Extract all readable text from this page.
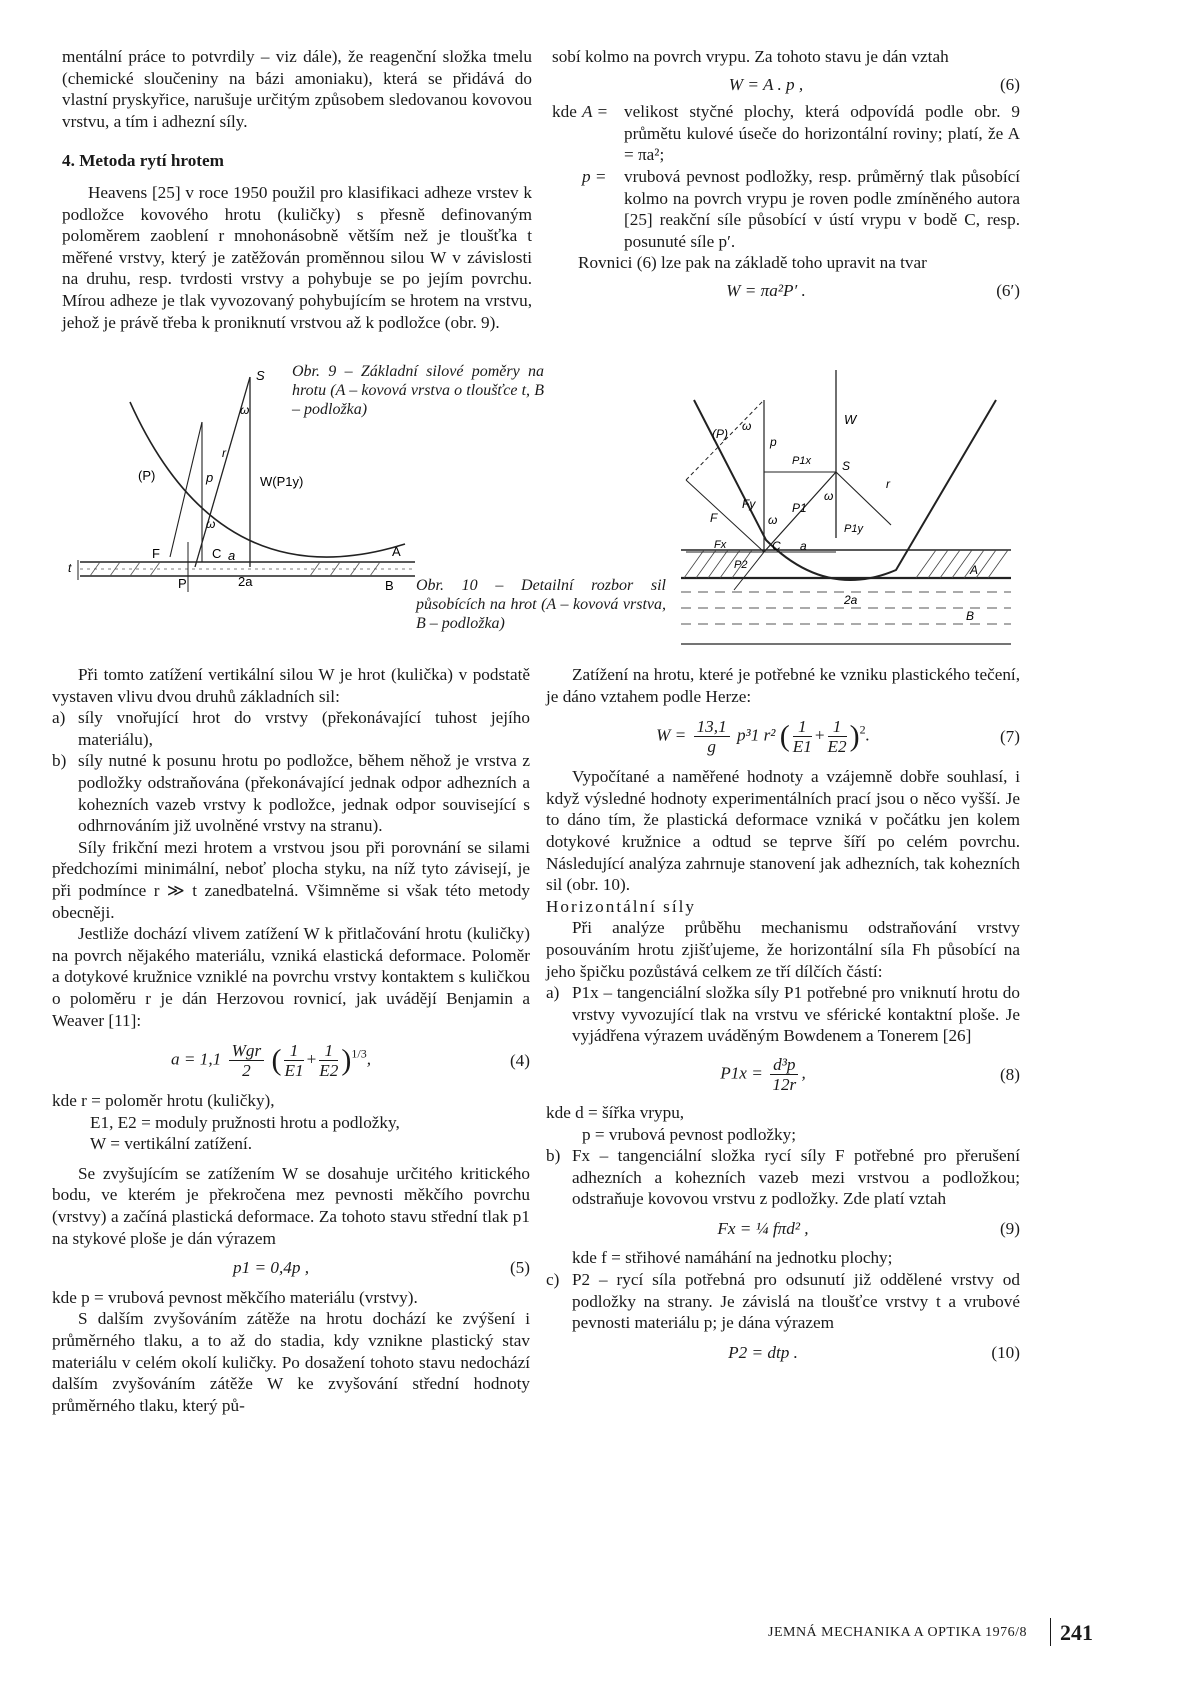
mentální práce to potvrdily – viz dále), že reagenční složka tmelu (chemické sloučeniny na bázi amoniaku), která se přidává do vlastní pryskyřice, narušuje určitým způsobem sledovanou kovovou vrstvu, a tím i adhezní síly.

4. Metoda rytí hrotem

Heavens [25] v roce 1950 použil pro klasifikaci adheze vrstev k podložce kovového hrotu (kuličky) s přesně definovaným poloměrem zaoblení r mnohonásobně větším než je tloušťka t měřené vrstvy, který je zatěžován proměnnou silou W v závislosti na druhu, resp. tvrdosti vrstvy a pohybuje se po jejím povrchu. Mírou adheze je tlak vyvozovaný pohybujícím se hrotem na vrstvu, jehož je právě třeba k proniknutí vrstvou až k podložce (obr. 9).

sobí kolmo na povrch vrypu. Za tohoto stavu je dán vztah

W = A . p ,	(6)
kde A = velikost styčné plochy, která odpovídá podle obr. 9 průmětu kulové úseče do horizontální roviny; platí, že A = πa²;
p =	vrubová pevnost podložky, resp. průměrný tlak působící kolmo na povrch vrypu je roven podle zmíněného autora [25] reakční síle působící v ústí vrypu v bodě C, resp. posunuté síle p′.

Rovnici (6) lze pak na základě toho upravit na tvar

W = πa²P′ .	(6′)
S
ω
r
(P)	p	W(P1y)
ω
F	C a	A
P	2a	B
t
Obr. 9 – Základní silové poměry na hrotu (A – kovová vrstva o tloušťce t, B – podložka)
W
(P)
ω
p
P1x	S
r
Fy	P1
ω
P1y
F	ω
Fx	C a
P2	A
2a
B
Obr. 10 – Detailní rozbor sil působících na hrot (A – kovová vrstva, B – podložka)

Při tomto zatížení vertikální silou W je hrot (kulička) v podstatě vystaven vlivu dvou druhů základních sil:

a) síly vnořující hrot do vrstvy (překonávající tuhost jejího materiálu),
b) síly nutné k posunu hrotu po podložce, během něhož je vrstva z podložky odstraňována (překonávající jednak odpor adhezních a kohezních vazeb vrstvy k podložce, jednak odpor související s odhrnováním již uvolněné vrstvy na stranu).

Síly frikční mezi hrotem a vrstvou jsou při porovnání se silami předchozími minimální, neboť plocha styku, na níž tyto závisejí, je při podmínce r ≫ t zanedbatelná. Všimněme si však této metody obecněji.

Jestliže dochází vlivem zatížení W k přitlačování hrotu (kuličky) na povrch nějakého materiálu, vzniká elastická deformace. Poloměr a dotykové kružnice vzniklé na povrchu vrstvy kontaktem s kuličkou o poloměru r je dán Herzovou rovnicí, jak uvádějí Benjamin a Weaver [11]:

$a = 1,1 \frac{\text{Wgr}}{2}$ ( $\frac{1}{E1} + \frac{1}{E2} )^{1/3}$,	(4)

kde r = poloměr hrotu (kuličky),

E1, E2 = moduly pružnosti hrotu a podložky,

W = vertikální zatížení.

Se zvyšujícím se zatížením W se dosahuje určitého kritického bodu, ve kterém je překročena mez pevnosti měkčího povrchu (vrstvy) a začíná plastická deformace. Za tohoto stavu střední tlak p1 na stykové ploše je dán výrazem

p1 = 0,4p ,	(5)

kde p = vrubová pevnost měkčího materiálu (vrstvy).

S dalším zvyšováním zátěže na hrotu dochází ke zvýšení i průměrného tlaku, a to až do stadia, kdy vznikne plastický stav materiálu v celém okolí kuličky. Po dosažení tohoto stavu nedochází dalším zvyšováním zátěže W ke zvyšování střední hodnoty průměrného tlaku, který pů-

Zatížení na hrotu, které je potřebné ke vzniku plastického tečení, je dáno vztahem podle Herze:

$W = \frac{13,1}{g} p^31$ r² ( $\frac{1}{E1} + \frac{1}{E2} )^2$.	(7)

Vypočítané a naměřené hodnoty a vzájemně dobře souhlasí, i když výsledné hodnoty experimentálních prací jsou o něco vyšší. Je to dáno tím, že plastická deformace vzniká v počátku jen kolem dotykové kružnice a odtud se teprve šíří po celém povrchu. Následující analýza zahrnuje stanovení jak adhezních, tak kohezních sil (obr. 10).

Horizontální síly

Při analýze průběhu mechanismu odstraňování vrstvy posouváním hrotu zjišťujeme, že horizontální síla Fh působící na jeho špičku pozůstává celkem ze tří dílčích částí:

a) P1x – tangenciální složka síly P1 potřebné pro vniknutí hrotu do vrstvy vyvozující tlak na vrstvu ve sférické kontaktní ploše. Je vyjádřena výrazem uváděným Bowdenem a Tonerem [26]
$P1x = \frac{\text{d³p}}{12r}$ ,	(8)

kde d = šířka vrypu,

p = vrubová pevnost podložky;

b) Fx – tangenciální složka rycí síly F potřebné pro přerušení adhezních a kohezních vazeb mezi vrstvou a podložkou; odstraňuje kovovou vrstvu z podložky. Zde platí vztah
Fx = ¼ fπd² ,	(9)

kde f = střihové namáhání na jednotku plochy;

c) P2 – rycí síla potřebná pro odsunutí již oddělené vrstvy od podložky na strany. Je závislá na tloušťce vrstvy t a vrubové pevnosti materiálu p; je dána výrazem
P2 = dtp .	(10)
JEMNÁ MECHANIKA A OPTIKA 1976/8 241
